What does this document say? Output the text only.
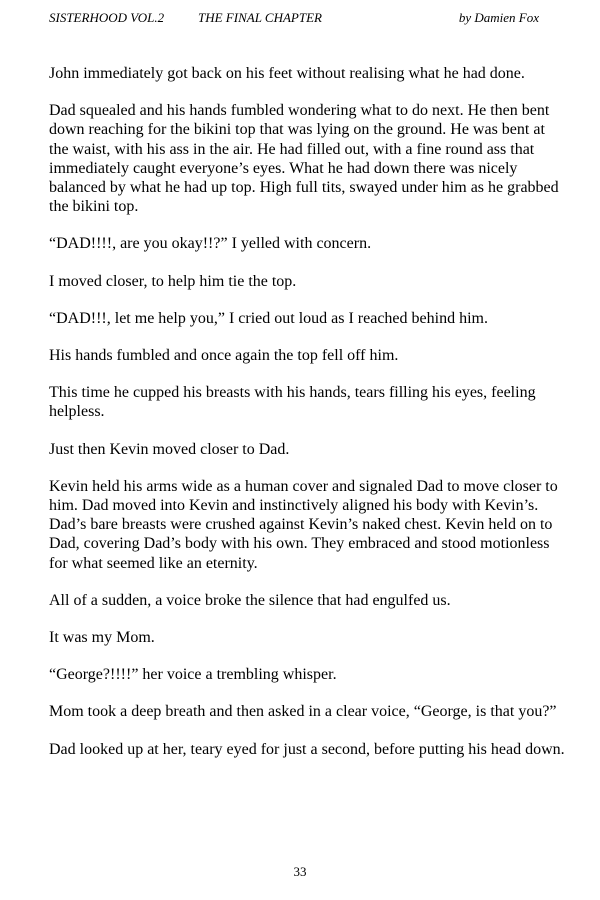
SISTERHOOD VOL.2	THE FINAL CHAPTER	by Damien Fox

John immediately got back on his feet without realising what he had done.

Dad squealed and his hands fumbled wondering what to do next. He then bent down reaching for the bikini top that was lying on the ground. He was bent at the waist, with his ass in the air. He had filled out, with a fine round ass that immediately caught everyone’s eyes. What he had down there was nicely balanced by what he had up top. High full tits, swayed under him as he grabbed the bikini top.

“DAD!!!!, are you okay!!?” I yelled with concern.

I moved closer, to help him tie the top.

“DAD!!!, let me help you,” I cried out loud as I reached behind him.

His hands fumbled and once again the top fell off him.

This time he cupped his breasts with his hands, tears filling his eyes, feeling helpless.

Just then Kevin moved closer to Dad.

Kevin held his arms wide as a human cover and signaled Dad to move closer to him. Dad moved into Kevin and instinctively aligned his body with Kevin’s. Dad’s bare breasts were crushed against Kevin’s naked chest. Kevin held on to Dad, covering Dad’s body with his own. They embraced and stood motionless for what seemed like an eternity.

All of a sudden, a voice broke the silence that had engulfed us.

It was my Mom.

“George?!!!!” her voice a trembling whisper.

Mom took a deep breath and then asked in a clear voice, “George, is that you?”

Dad looked up at her, teary eyed for just a second, before putting his head down.

33
